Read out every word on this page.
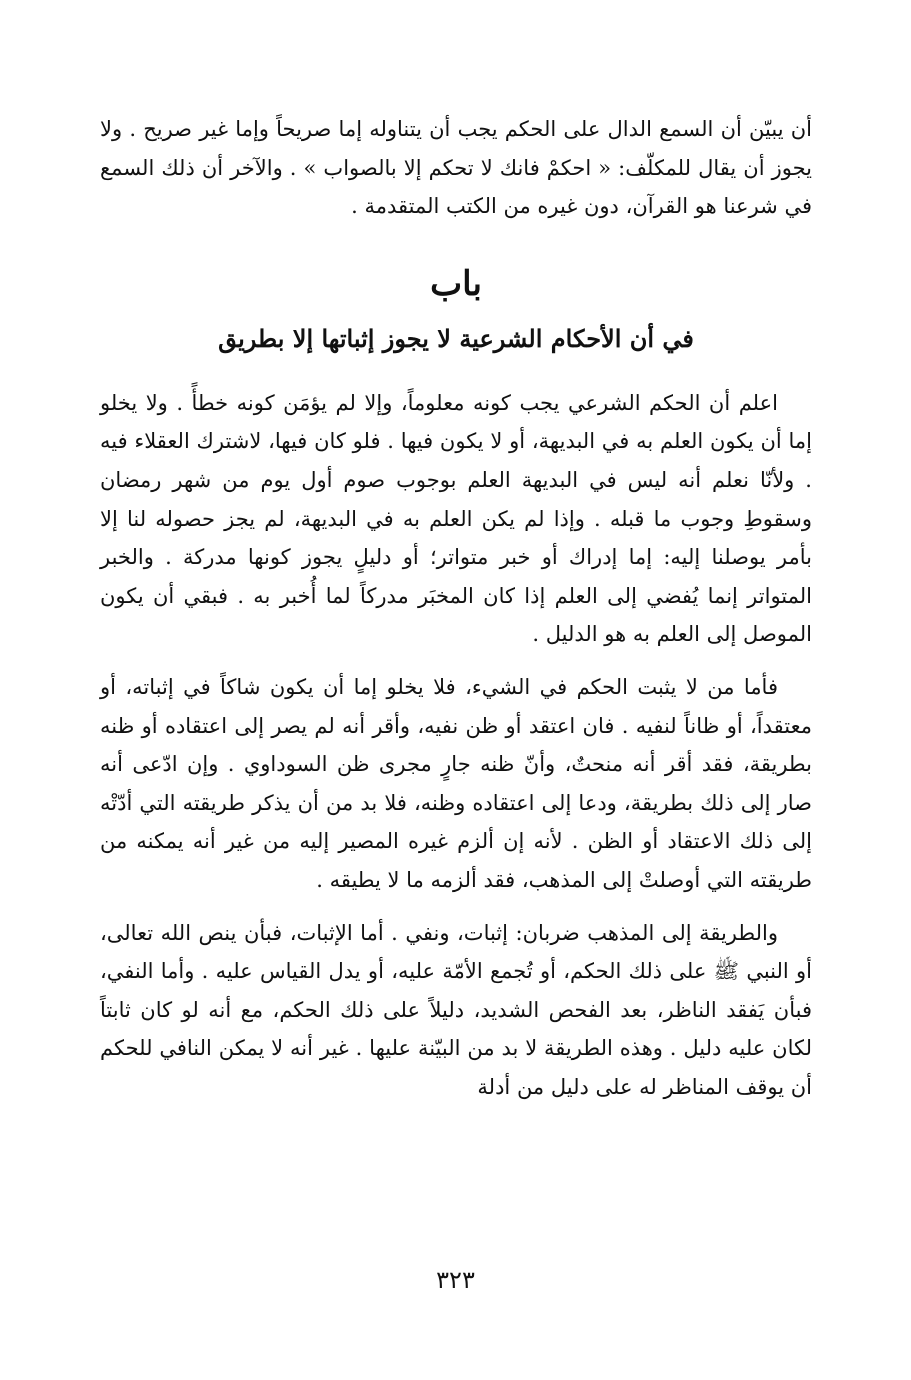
أن يبيّن أن السمع الدال على الحكم يجب أن يتناوله إما صريحاً وإما غير صريح . ولا يجوز أن يقال للمكلّف: « احكمْ فانك لا تحكم إلا بالصواب » . والآخر أن ذلك السمع في شرعنا هو القرآن، دون غيره من الكتب المتقدمة .

باب
في أن الأحكام الشرعية لا يجوز إثباتها إلا بطريق

اعلم أن الحكم الشرعي يجب كونه معلوماً، وإلا لم يؤمَن كونه خطأً . ولا يخلو إما أن يكون العلم به في البديهة، أو لا يكون فيها . فلو كان فيها، لاشترك العقلاء فيه . ولأنّا نعلم أنه ليس في البديهة العلم بوجوب صوم أول يوم من شهر رمضان وسقوطِ وجوب ما قبله . وإذا لم يكن العلم به في البديهة، لم يجز حصوله لنا إلا بأمر يوصلنا إليه: إما إدراك أو خبر متواتر؛ أو دليلٍ يجوز كونها مدركة . والخبر المتواتر إنما يُفضي إلى العلم إذا كان المخبَر مدركاً لما أُخبر به . فبقي أن يكون الموصل إلى العلم به هو الدليل .

فأما من لا يثبت الحكم في الشيء، فلا يخلو إما أن يكون شاكاً في إثباته، أو معتقداً، أو ظاناً لنفيه . فان اعتقد أو ظن نفيه، وأقر أنه لم يصر إلى اعتقاده أو ظنه بطريقة، فقد أقر أنه منحتٌ، وأنّ ظنه جارٍ مجرى ظن السوداوي . وإن ادّعى أنه صار إلى ذلك بطريقة، ودعا إلى اعتقاده وظنه، فلا بد من أن يذكر طريقته التي أدّتْه إلى ذلك الاعتقاد أو الظن . لأنه إن ألزم غيره المصير إليه من غير أنه يمكنه من طريقته التي أوصلتْ إلى المذهب، فقد ألزمه ما لا يطيقه .

والطريقة إلى المذهب ضربان: إثبات، ونفي . أما الإثبات، فبأن ينص الله تعالى، أو النبي ﷺ على ذلك الحكم، أو تُجمع الأمّة عليه، أو يدل القياس عليه . وأما النفي، فبأن يَفقد الناظر، بعد الفحص الشديد، دليلاً على ذلك الحكم، مع أنه لو كان ثابتاً لكان عليه دليل . وهذه الطريقة لا بد من البيّنة عليها . غير أنه لا يمكن النافي للحكم أن يوقف المناظر له على دليل من أدلة

٣٢٣
